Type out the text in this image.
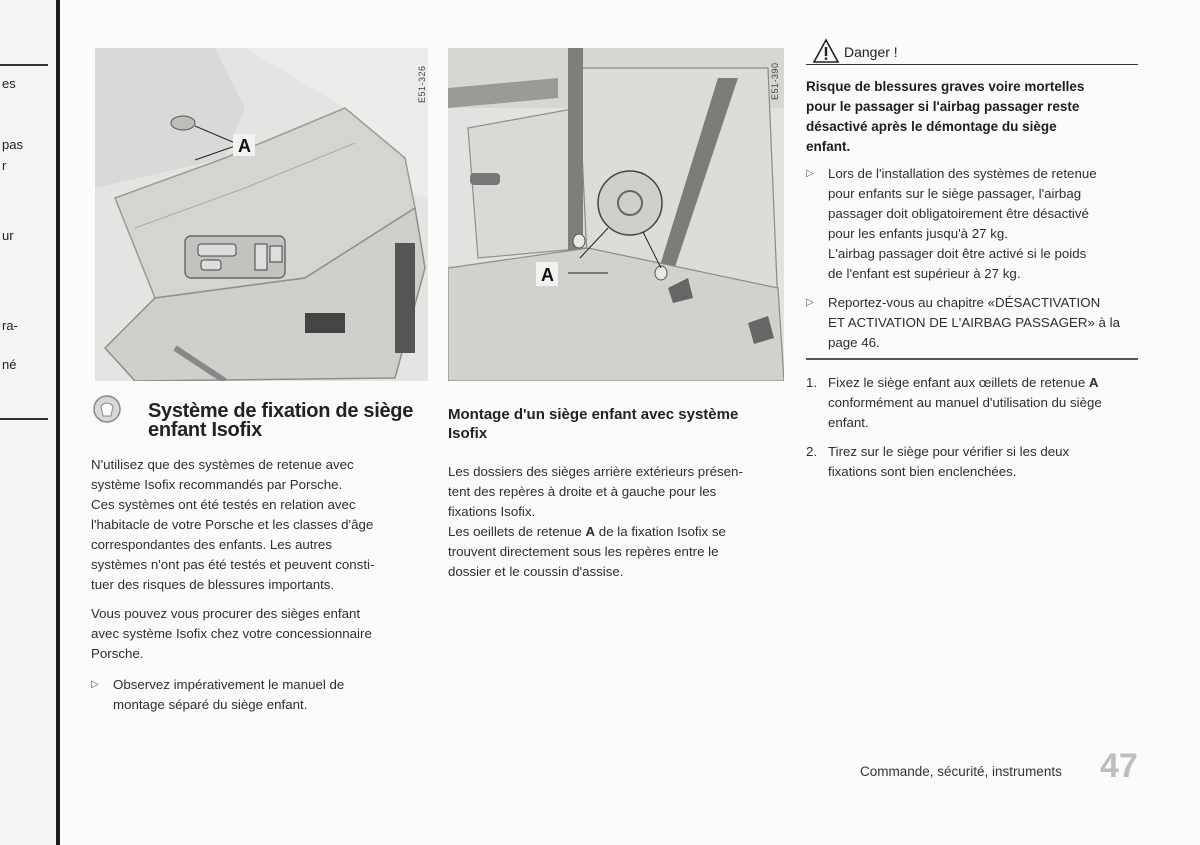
es
pas
r
ur
ra-
né
A
E51-326
A
E51-390
Système de fixation de siège
enfant Isofix
N'utilisez que des systèmes de retenue avec
système Isofix recommandés par Porsche.
Ces systèmes ont été testés en relation avec
l'habitacle de votre Porsche et les classes d'âge
correspondantes des enfants. Les autres
systèmes n'ont pas été testés et peuvent consti-
tuer des risques de blessures importants.
Vous pouvez vous procurer des sièges enfant
avec système Isofix chez votre concessionnaire
Porsche.
▷ Observez impérativement le manuel de
montage séparé du siège enfant.
Montage d'un siège enfant avec système
Isofix
Les dossiers des sièges arrière extérieurs présen-
tent des repères à droite et à gauche pour les
fixations Isofix.
Les oeillets de retenue A de la fixation Isofix se
trouvent directement sous les repères entre le
dossier et le coussin d'assise.
Danger !
Risque de blessures graves voire mortelles
pour le passager si l'airbag passager reste
désactivé après le démontage du siège
enfant.
▷ Lors de l'installation des systèmes de retenue
pour enfants sur le siège passager, l'airbag
passager doit obligatoirement être désactivé
pour les enfants jusqu'à 27 kg.
L'airbag passager doit être activé si le poids
de l'enfant est supérieur à 27 kg.
▷ Reportez-vous au chapitre «DÉSACTIVATION
ET ACTIVATION DE L'AIRBAG PASSAGER» à la
page 46.
1. Fixez le siège enfant aux œillets de retenue A
conformément au manuel d'utilisation du siège
enfant.
2. Tirez sur le siège pour vérifier si les deux
fixations sont bien enclenchées.
Commande, sécurité, instruments 47
